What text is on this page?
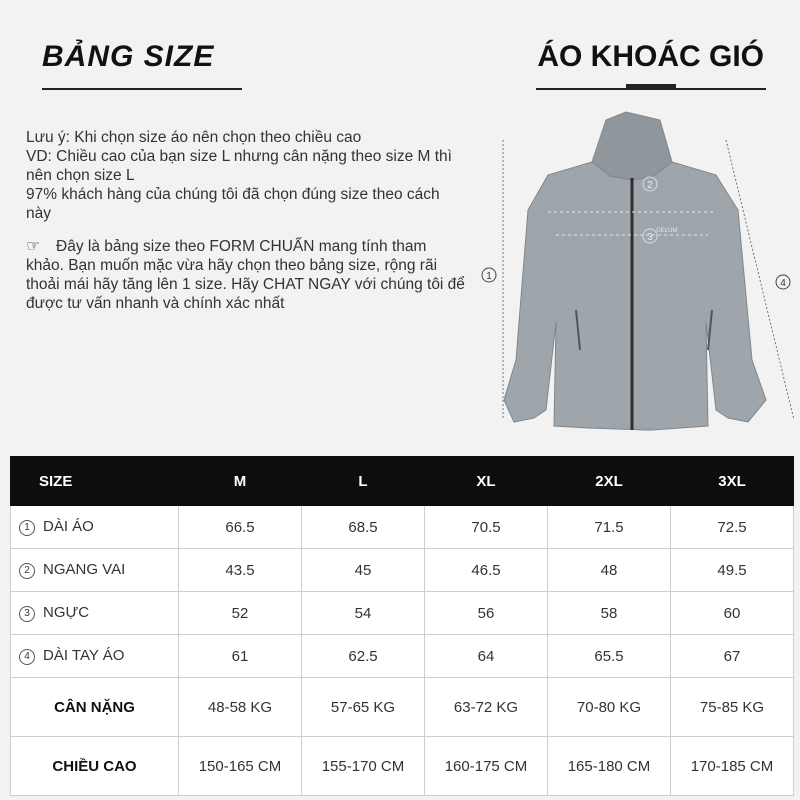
BẢNG SIZE	ÁO KHOÁC GIÓ

Lưu ý: Khi chọn size áo nên chọn theo chiều cao

VD: Chiều cao của bạn size L nhưng cân nặng theo size M thì nên chọn size L

97% khách hàng của chúng tôi đã chọn đúng size theo cách này

☞ Đây là bảng size theo FORM CHUẨN mang tính tham khảo. Bạn muốn mặc vừa hãy chọn theo bảng size, rộng rãi thoải mái hãy tăng lên 1 size. Hãy CHAT NGAY với chúng tôi để được tư vấn nhanh và chính xác nhất

GELUM
1
2
3
4
SIZE	M	L	XL	2XL	3XL
1 DÀI ÁO	66.5	68.5	70.5	71.5	72.5
2 NGANG VAI	43.5	45	46.5	48	49.5
3 NGỰC	52	54	56	58	60
4 DÀI TAY ÁO	61	62.5	64	65.5	67
CÂN NẶNG	48-58 KG	57-65 KG	63-72 KG	70-80 KG	75-85 KG
CHIỀU CAO	150-165 CM	155-170 CM	160-175 CM	165-180 CM	170-185 CM
